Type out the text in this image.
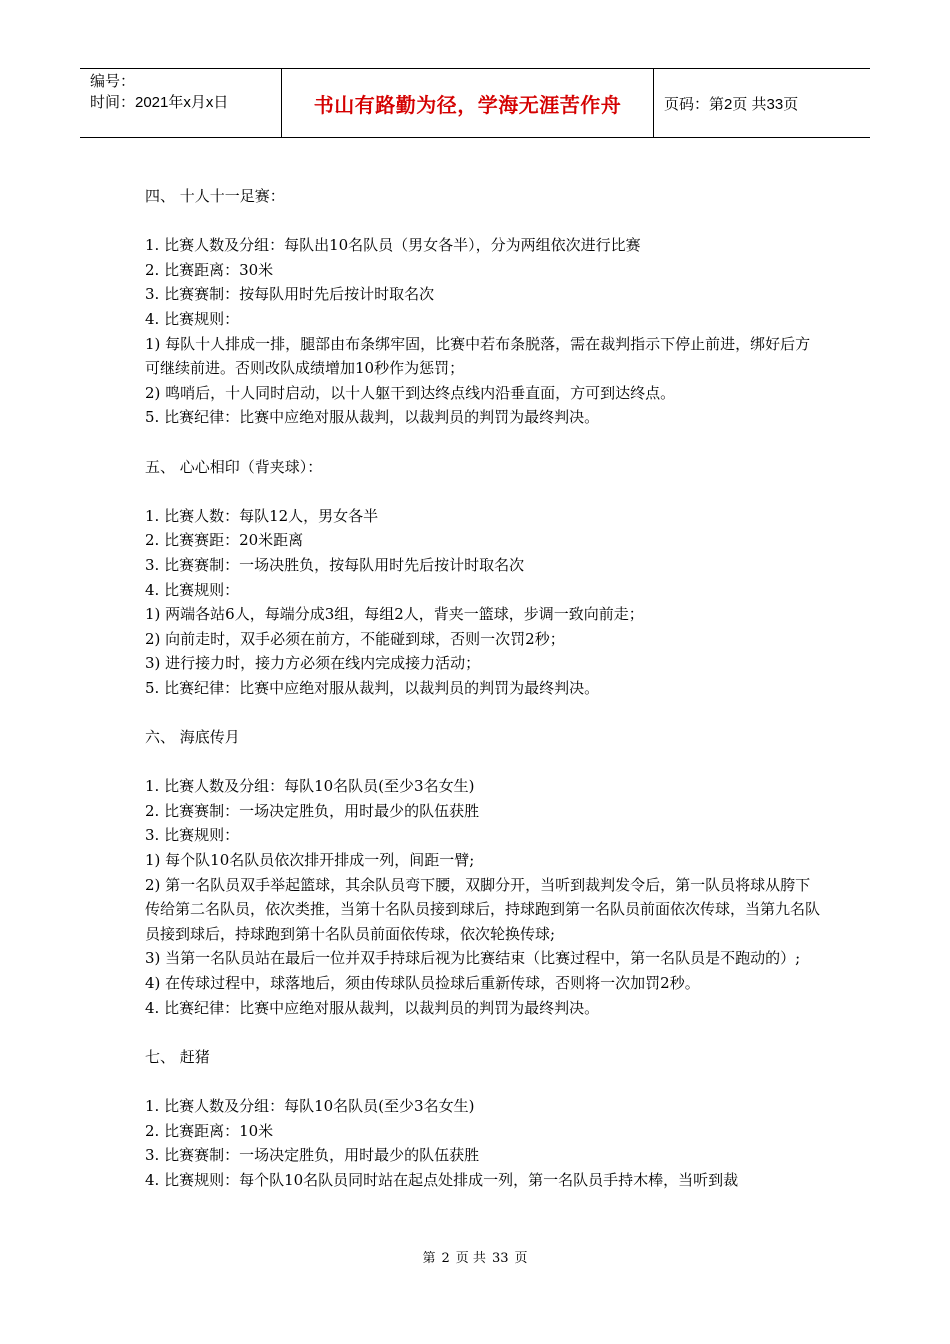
编号：
时间：2021年x月x日	书山有路勤为径，学海无涯苦作舟	页码：第2页 共33页

四、 十人十一足赛：

1. 比赛人数及分组：每队出10名队员（男女各半），分为两组依次进行比赛

2. 比赛距离：30米

3. 比赛赛制：按每队用时先后按计时取名次

4. 比赛规则：

1) 每队十人排成一排，腿部由布条绑牢固，比赛中若布条脱落，需在裁判指示下停止前进，绑好后方可继续前进。否则改队成绩增加10秒作为惩罚；

2) 鸣哨后，十人同时启动，以十人躯干到达终点线内沿垂直面，方可到达终点。

5. 比赛纪律：比赛中应绝对服从裁判，以裁判员的判罚为最终判决。

五、 心心相印（背夹球）：

1. 比赛人数：每队12人，男女各半

2. 比赛赛距：20米距离

3. 比赛赛制：一场决胜负，按每队用时先后按计时取名次

4. 比赛规则：

1) 两端各站6人，每端分成3组，每组2人，背夹一篮球，步调一致向前走；

2) 向前走时，双手必须在前方，不能碰到球，否则一次罚2秒；

3) 进行接力时，接力方必须在线内完成接力活动；

5. 比赛纪律：比赛中应绝对服从裁判，以裁判员的判罚为最终判决。

六、 海底传月

1. 比赛人数及分组：每队10名队员(至少3名女生)

2. 比赛赛制：一场决定胜负，用时最少的队伍获胜

3. 比赛规则：

1) 每个队10名队员依次排开排成一列，间距一臂;

2) 第一名队员双手举起篮球，其余队员弯下腰，双脚分开，当听到裁判发令后，第一队员将球从胯下传给第二名队员，依次类推，当第十名队员接到球后，持球跑到第一名队员前面依次传球，当第九名队员接到球后，持球跑到第十名队员前面依传球，依次轮换传球;

3) 当第一名队员站在最后一位并双手持球后视为比赛结束（比赛过程中，第一名队员是不跑动的）;

4) 在传球过程中，球落地后，须由传球队员捡球后重新传球，否则将一次加罚2秒。

4. 比赛纪律：比赛中应绝对服从裁判，以裁判员的判罚为最终判决。

七、 赶猪

1. 比赛人数及分组：每队10名队员(至少3名女生)

2. 比赛距离：10米

3. 比赛赛制：一场决定胜负，用时最少的队伍获胜

4. 比赛规则：每个队10名队员同时站在起点处排成一列，第一名队员手持木棒，当听到裁

第 2 页 共 33 页
